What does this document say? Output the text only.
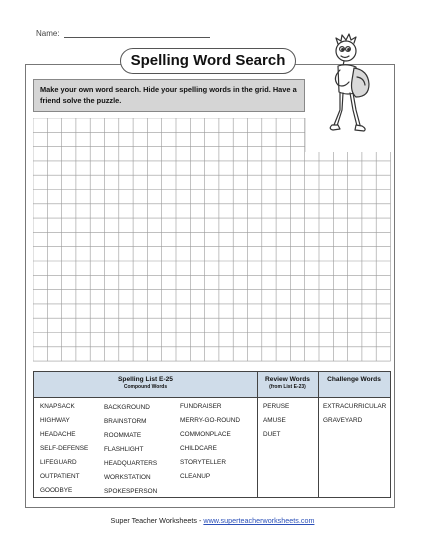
Name:
Spelling Word Search
Make your own word search. Hide your spelling words in the grid. Have a friend solve the puzzle.
Spelling List E-25
Compound Words
Review Words
(from List E-23)
Challenge Words
KNAPSACK
HIGHWAY
HEADACHE
SELF-DEFENSE
LIFEGUARD
OUTPATIENT
GOODBYE
BACKGROUND
BRAINSTORM
ROOMMATE
FLASHLIGHT
HEADQUARTERS
WORKSTATION
SPOKESPERSON
FUNDRAISER
MERRY-GO-ROUND
COMMONPLACE
CHILDCARE
STORYTELLER
CLEANUP
PERUSE
AMUSE
DUET
EXTRACURRICULAR
GRAVEYARD
Super Teacher Worksheets - www.superteacherworksheets.com
